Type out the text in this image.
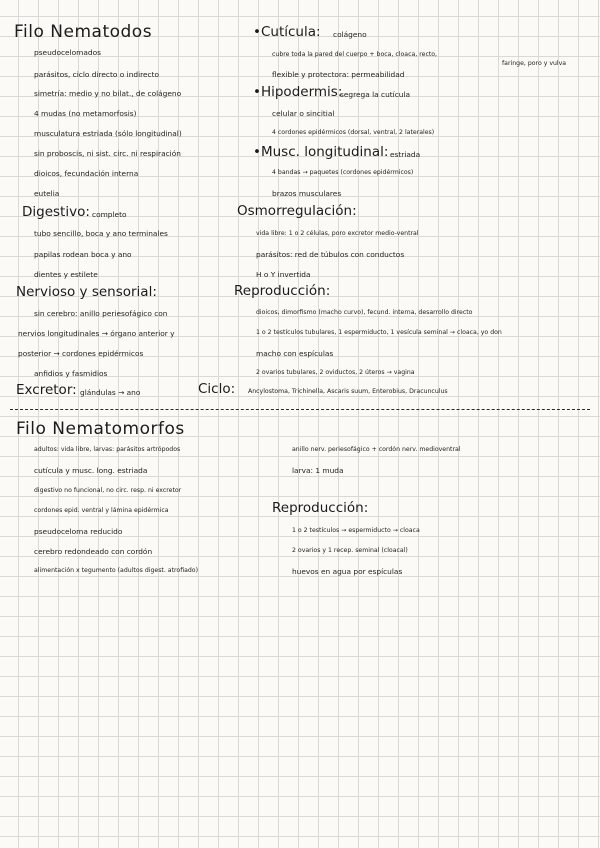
Filo Nematodos
pseudocelomados
parásitos, ciclo directo o indirecto
simetría: medio y no bilat., de colágeno
4 mudas (no metamorfosis)
musculatura estriada (sólo longitudinal)
sin proboscis, ni sist. circ. ni respiración
dioicos, fecundación interna
eutelia
Digestivo: completo
tubo sencillo, boca y ano terminales
papilas rodean boca y ano
dientes y estilete
Nervioso y sensorial:
sin cerebro: anillo periesofágico con
nervios longitudinales → órgano anterior y
posterior → cordones epidérmicos
anfidios y fasmidios
Excretor: glándulas → ano
•Cutícula: colágeno
cubre toda la pared del cuerpo + boca, cloaca, recto,
faringe, poro y vulva
flexible y protectora: permeabilidad
•Hipodermis:
segrega la cutícula
celular o sincitial
4 cordones epidérmicos (dorsal, ventral, 2 laterales)
•Musc. longitudinal: estriada
4 bandas → paquetes (cordones epidérmicos)
brazos musculares
Osmorregulación:
vida libre: 1 o 2 células, poro excretor medio-ventral
parásitos: red de túbulos con conductos
H o Y invertida
Reproducción:
dioicos, dimorfismo (macho curvo), fecund. interna, desarrollo directo
1 o 2 testículos tubulares, 1 espermiducto, 1 vesícula seminal → cloaca, yo don
macho con espículas
2 ovarios tubulares, 2 oviductos, 2 úteros → vagina
Ciclo: Ancylostoma, Trichinella, Ascaris suum, Enterobius, Dracunculus
Filo Nematomorfos
adultos: vida libre, larvas: parásitos artrópodos
cutícula y musc. long. estriada
digestivo no funcional, no circ. resp. ni excretor
cordones epid. ventral y lámina epidérmica
pseudoceloma reducido
cerebro redondeado con cordón
alimentación x tegumento (adultos digest. atrofiado)
anillo nerv. periesofágico + cordón nerv. medioventral
larva: 1 muda
Reproducción:
1 o 2 testículos → espermiducto → cloaca
2 ovarios y 1 recep. seminal (cloacal)
huevos en agua por espículas
